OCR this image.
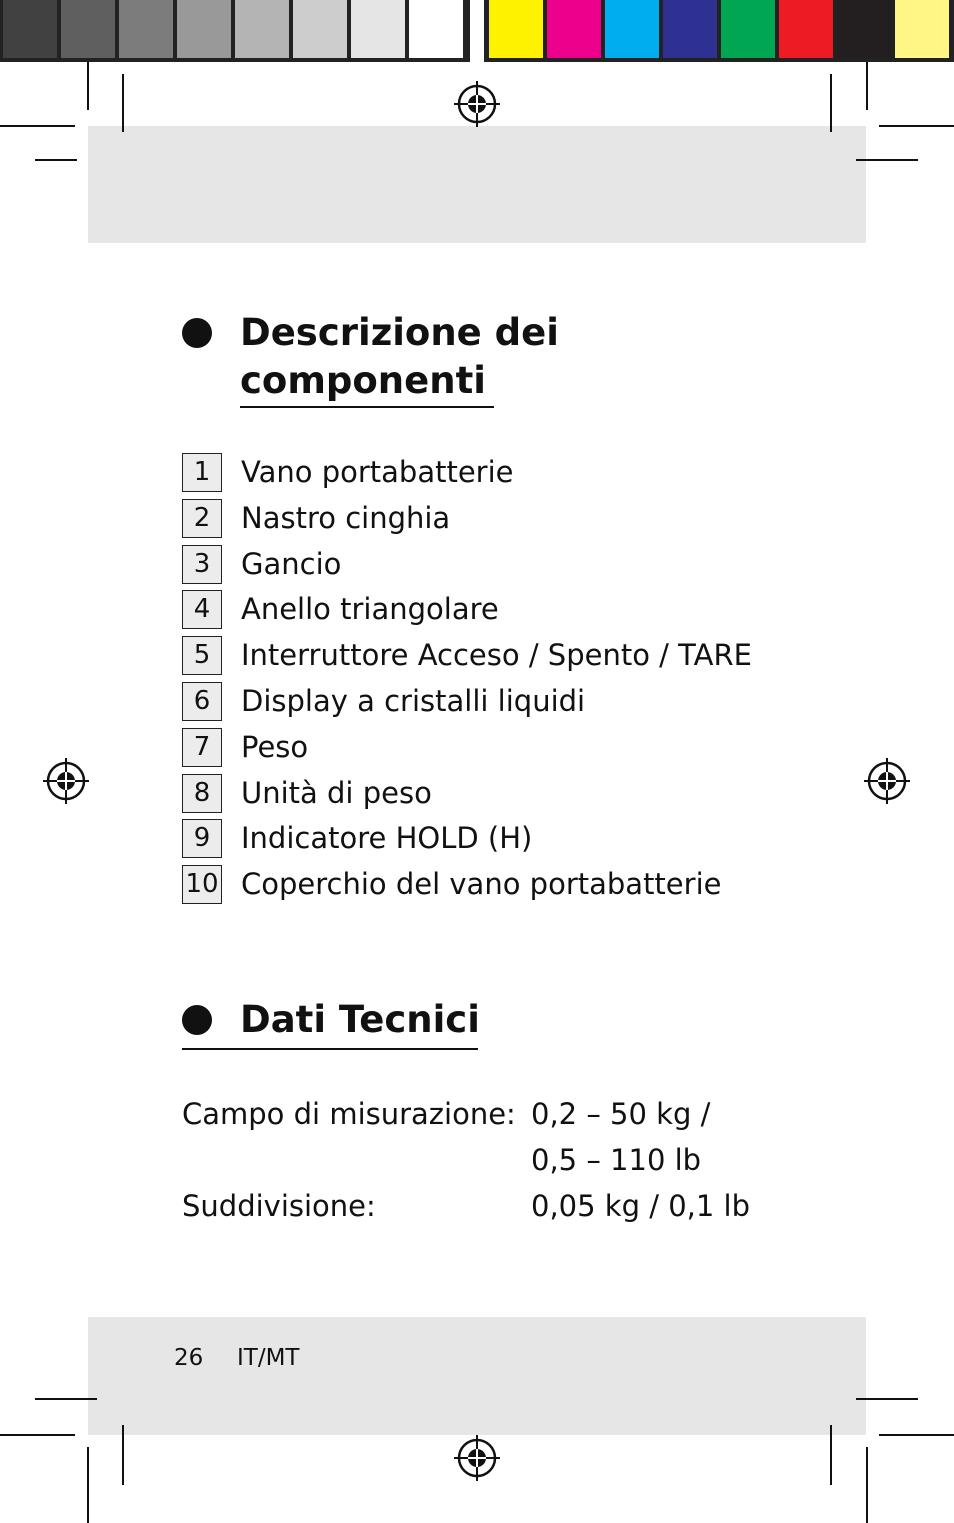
Descrizione dei
componenti
1	Vano portabatterie
2	Nastro cinghia
3	Gancio
4	Anello triangolare
5	Interruttore Acceso / Spento / TARE
6	Display a cristalli liquidi
7	Peso
8	Unità di peso
9	Indicatore HOLD (H)
10 Coperchio del vano portabatterie
Dati Tecnici
Campo di misurazione: 0,2 – 50 kg /
0,5 – 110 lb
Suddivisione:	0,05 kg / 0,1 lb
26 IT/MT
